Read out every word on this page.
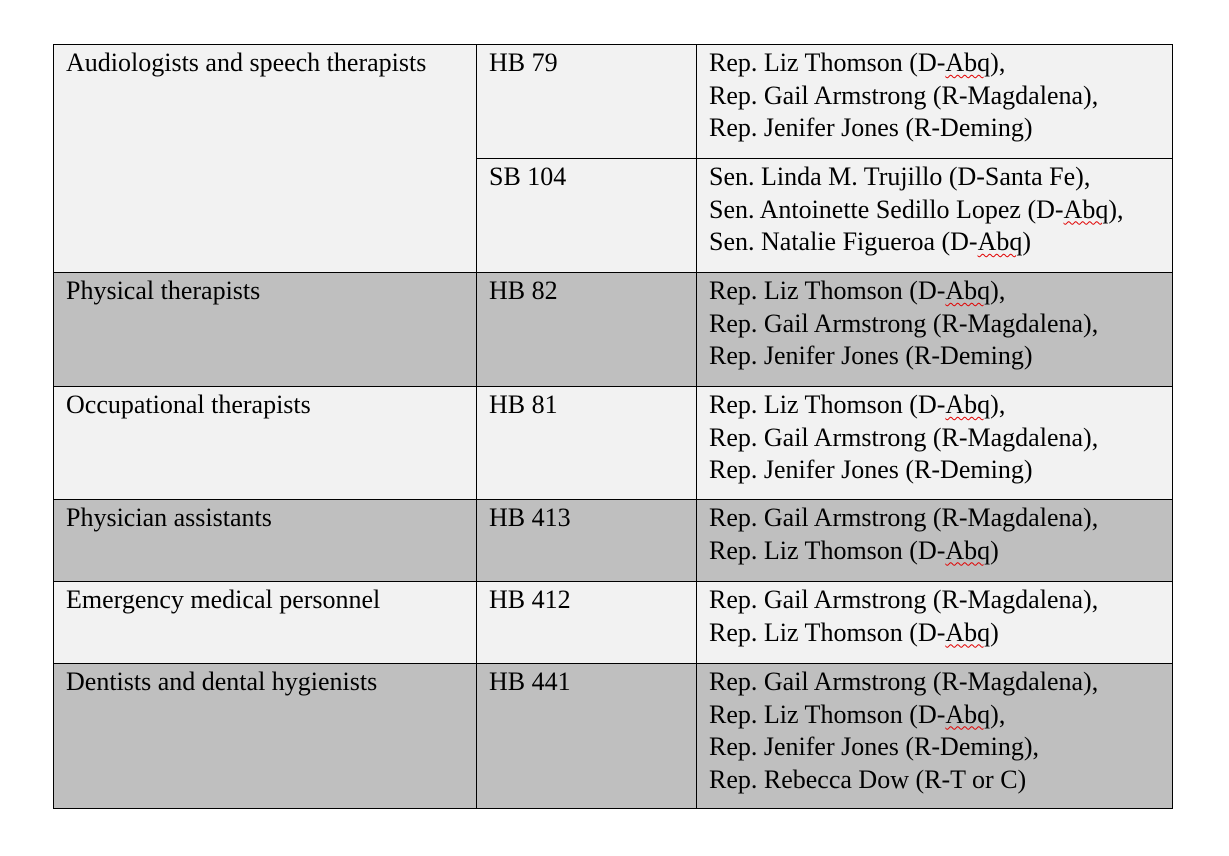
Audiologists and speech therapists	HB 79	Rep. Liz Thomson (D-Abq),
Rep. Gail Armstrong (R-Magdalena),
Rep. Jenifer Jones (R-Deming)

	SB 104	Sen. Linda M. Trujillo (D-Santa Fe),
Sen. Antoinette Sedillo Lopez (D-Abq),
Sen. Natalie Figueroa (D-Abq)

Physical therapists	HB 82	Rep. Liz Thomson (D-Abq),
Rep. Gail Armstrong (R-Magdalena),
Rep. Jenifer Jones (R-Deming)

Occupational therapists	HB 81	Rep. Liz Thomson (D-Abq),
Rep. Gail Armstrong (R-Magdalena),
Rep. Jenifer Jones (R-Deming)

Physician assistants	HB 413	Rep. Gail Armstrong (R-Magdalena),
Rep. Liz Thomson (D-Abq)

Emergency medical personnel	HB 412	Rep. Gail Armstrong (R-Magdalena),
Rep. Liz Thomson (D-Abq)

Dentists and dental hygienists	HB 441	Rep. Gail Armstrong (R-Magdalena),
Rep. Liz Thomson (D-Abq),
Rep. Jenifer Jones (R-Deming),
Rep. Rebecca Dow (R-T or C)
